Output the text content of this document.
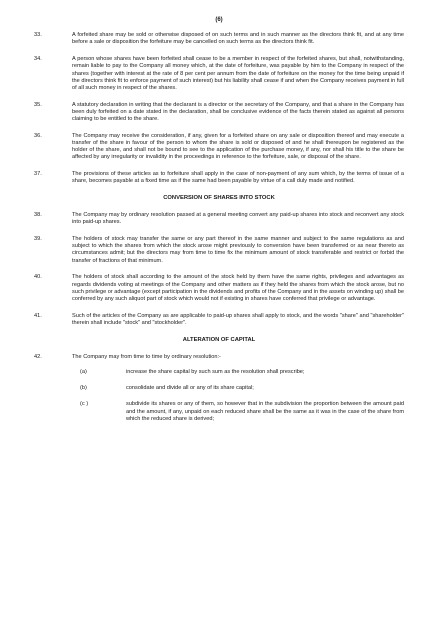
(6)
33.	A forfeited share may be sold or otherwise disposed of on such terms and in such manner as the directors think fit, and at any time before a sale or disposition the forfeiture may be cancelled on such terms as the directors think fit.
34.	A person whose shares have been forfeited shall cease to be a member in respect of the forfeited shares, but shall, notwithstanding, remain liable to pay to the Company all money which, at the date of forfeiture, was payable by him to the Company in respect of the shares (together with interest at the rate of 8 per cent per annum from the date of forfeiture on the money for the time being unpaid if the directors think fit to enforce payment of such interest) but his liability shall cease if and when the Company receives payment in full of all such money in respect of the shares.
35.	A statutory declaration in writing that the declarant is a director or the secretary of the Company, and that a share in the Company has been duly forfeited on a date stated in the declaration, shall be conclusive evidence of the facts therein stated as against all persons claiming to be entitled to the share.
36.	The Company may receive the consideration, if any, given for a forfeited share on any sale or disposition thereof and may execute a transfer of the share in favour of the person to whom the share is sold or disposed of and he shall thereupon be registered as the holder of the share, and shall not be bound to see to the application of the purchase money, if any, nor shall his title to the share be affected by any irregularity or invalidity in the proceedings in reference to the forfeiture, sale, or disposal of the share.
37.	The provisions of these articles as to forfeiture shall apply in the case of non-payment of any sum which, by the terms of issue of a share, becomes payable at a fixed time as if the same had been payable by virtue of a call duly made and notified.
CONVERSION OF SHARES INTO STOCK
38.	The Company may by ordinary resolution passed at a general meeting convert any paid-up shares into stock and reconvert any stock into paid-up shares.
39.	The holders of stock may transfer the same or any part thereof in the same manner and subject to the same regulations as and subject to which the shares from which the stock arose might previously to conversion have been transferred or as near thereto as circumstances admit; but the directors may from time to time fix the minimum amount of stock transferable and restrict or forbid the transfer of fractions of that minimum.
40.	The holders of stock shall according to the amount of the stock held by them have the same rights, privileges and advantages as regards dividends voting at meetings of the Company and other matters as if they held the shares from which the stock arose, but no such privilege or advantage (except participation in the dividends and profits of the Company and in the assets on winding up) shall be conferred by any such aliquot part of stock which would not if existing in shares have conferred that privilege or advantage.
41.	Such of the articles of the Company as are applicable to paid-up shares shall apply to stock, and the words "share" and "shareholder" therein shall include "stock" and "stockholder".
ALTERATION OF CAPITAL
42.	The Company may from time to time by ordinary resolution:-
(a)	increase the share capital by such sum as the resolution shall prescribe;
(b)	consolidate and divide all or any of its share capital;
(c )	subdivide its shares or any of them, so however that in the subdivision the proportion between the amount paid and the amount, if any, unpaid on each reduced share shall be the same as it was in the case of the share from which the reduced share is derived;
